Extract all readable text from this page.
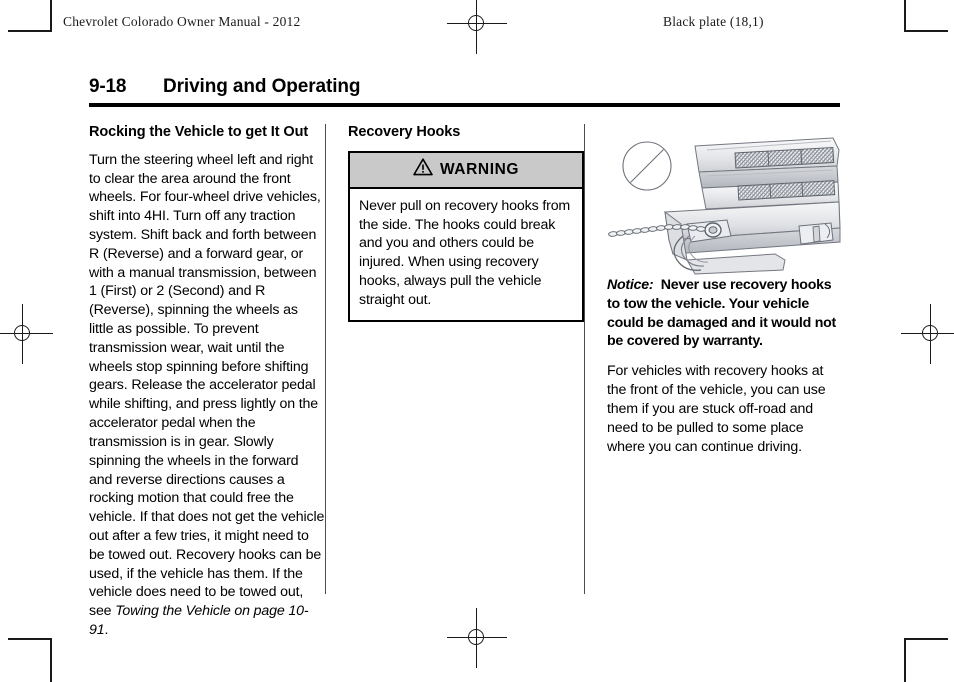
Chevrolet Colorado Owner Manual - 2012	Black plate (18,1)
9-18	Driving and Operating
Rocking the Vehicle to get It Out

Turn the steering wheel left and right to clear the area around the front wheels. For four-wheel drive vehicles, shift into 4HI. Turn off any traction system. Shift back and forth between R (Reverse) and a forward gear, or with a manual transmission, between 1 (First) or 2 (Second) and R (Reverse), spinning the wheels as little as possible. To prevent transmission wear, wait until the wheels stop spinning before shifting gears. Release the accelerator pedal while shifting, and press lightly on the accelerator pedal when the transmission is in gear. Slowly spinning the wheels in the forward and reverse directions causes a rocking motion that could free the vehicle. If that does not get the vehicle out after a few tries, it might need to be towed out. Recovery hooks can be used, if the vehicle has them. If the vehicle does need to be towed out, see Towing the Vehicle on page 10-91.

Recovery Hooks
WARNING

Never pull on recovery hooks from the side. The hooks could break and you and others could be injured. When using recovery hooks, always pull the vehicle straight out.

Notice: Never use recovery hooks to tow the vehicle. Your vehicle could be damaged and it would not be covered by warranty.

For vehicles with recovery hooks at the front of the vehicle, you can use them if you are stuck off-road and need to be pulled to some place where you can continue driving.
